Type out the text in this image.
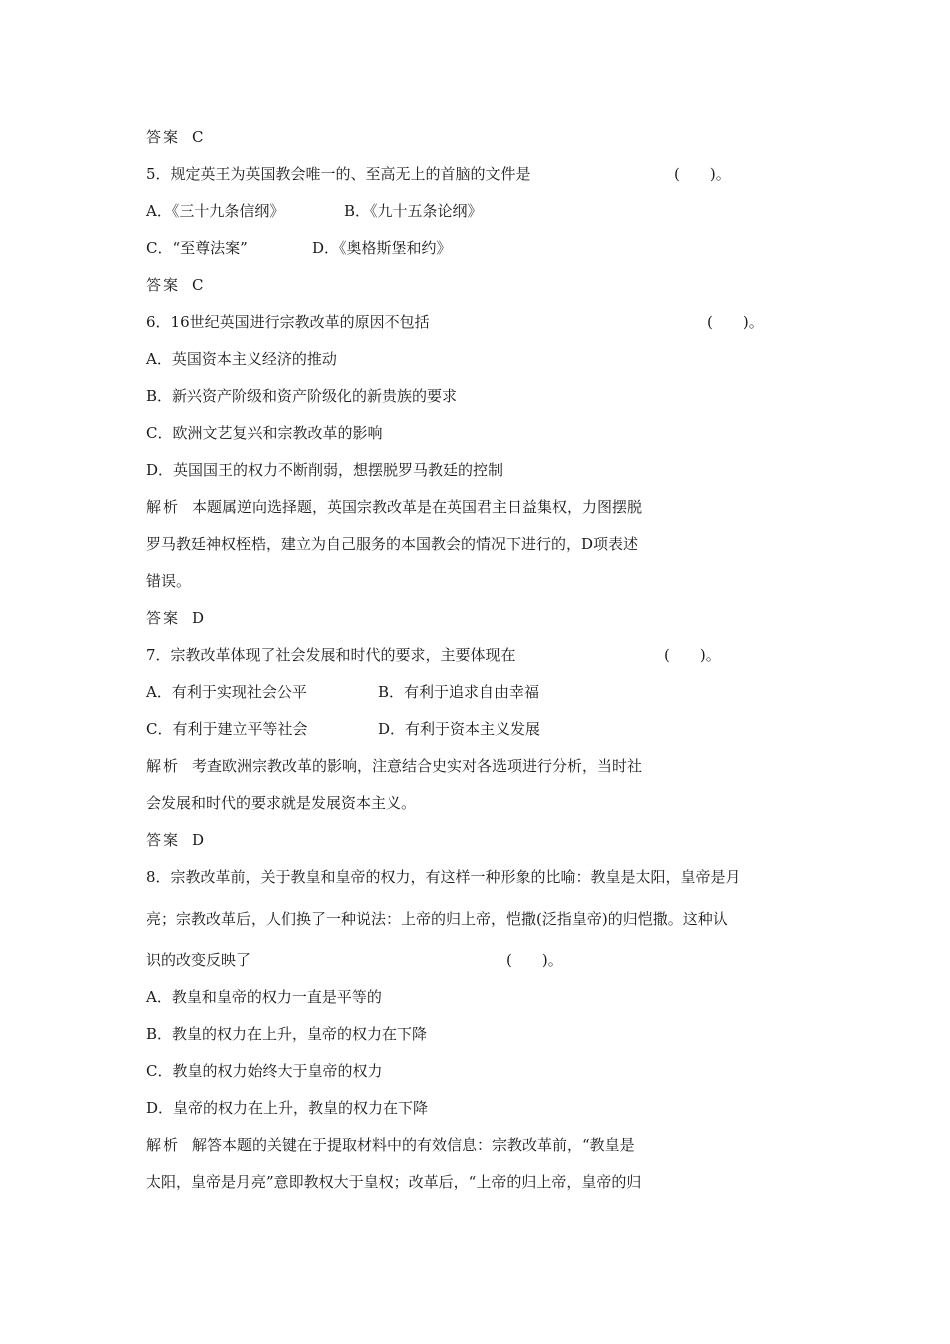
答案 C
5．规定英王为英国教会唯一的、至高无上的首脑的文件是	(　　)。
A．《三十九条信纲》	B．《九十五条论纲》
C．“至尊法案”	D．《奥格斯堡和约》
答案 C
6．16世纪英国进行宗教改革的原因不包括	(　　)。
A．英国资本主义经济的推动
B．新兴资产阶级和资产阶级化的新贵族的要求
C．欧洲文艺复兴和宗教改革的影响
D．英国国王的权力不断削弱，想摆脱罗马教廷的控制
解析 本题属逆向选择题，英国宗教改革是在英国君主日益集权，力图摆脱
罗马教廷神权桎梏，建立为自己服务的本国教会的情况下进行的，D项表述
错误。
答案 D
7．宗教改革体现了社会发展和时代的要求，主要体现在	(　　)。
A．有利于实现社会公平	B．有利于追求自由幸福
C．有利于建立平等社会	D．有利于资本主义发展
解析 考查欧洲宗教改革的影响，注意结合史实对各选项进行分析，当时社
会发展和时代的要求就是发展资本主义。
答案 D
8．宗教改革前，关于教皇和皇帝的权力，有这样一种形象的比喻：教皇是太阳，皇帝是月
亮；宗教改革后，人们换了一种说法：上帝的归上帝，恺撒(泛指皇帝)的归恺撒。这种认
识的改变反映了	(　　)。
A．教皇和皇帝的权力一直是平等的
B．教皇的权力在上升，皇帝的权力在下降
C．教皇的权力始终大于皇帝的权力
D．皇帝的权力在上升，教皇的权力在下降
解析 解答本题的关键在于提取材料中的有效信息：宗教改革前，“教皇是
太阳，皇帝是月亮”意即教权大于皇权；改革后，“上帝的归上帝，皇帝的归
